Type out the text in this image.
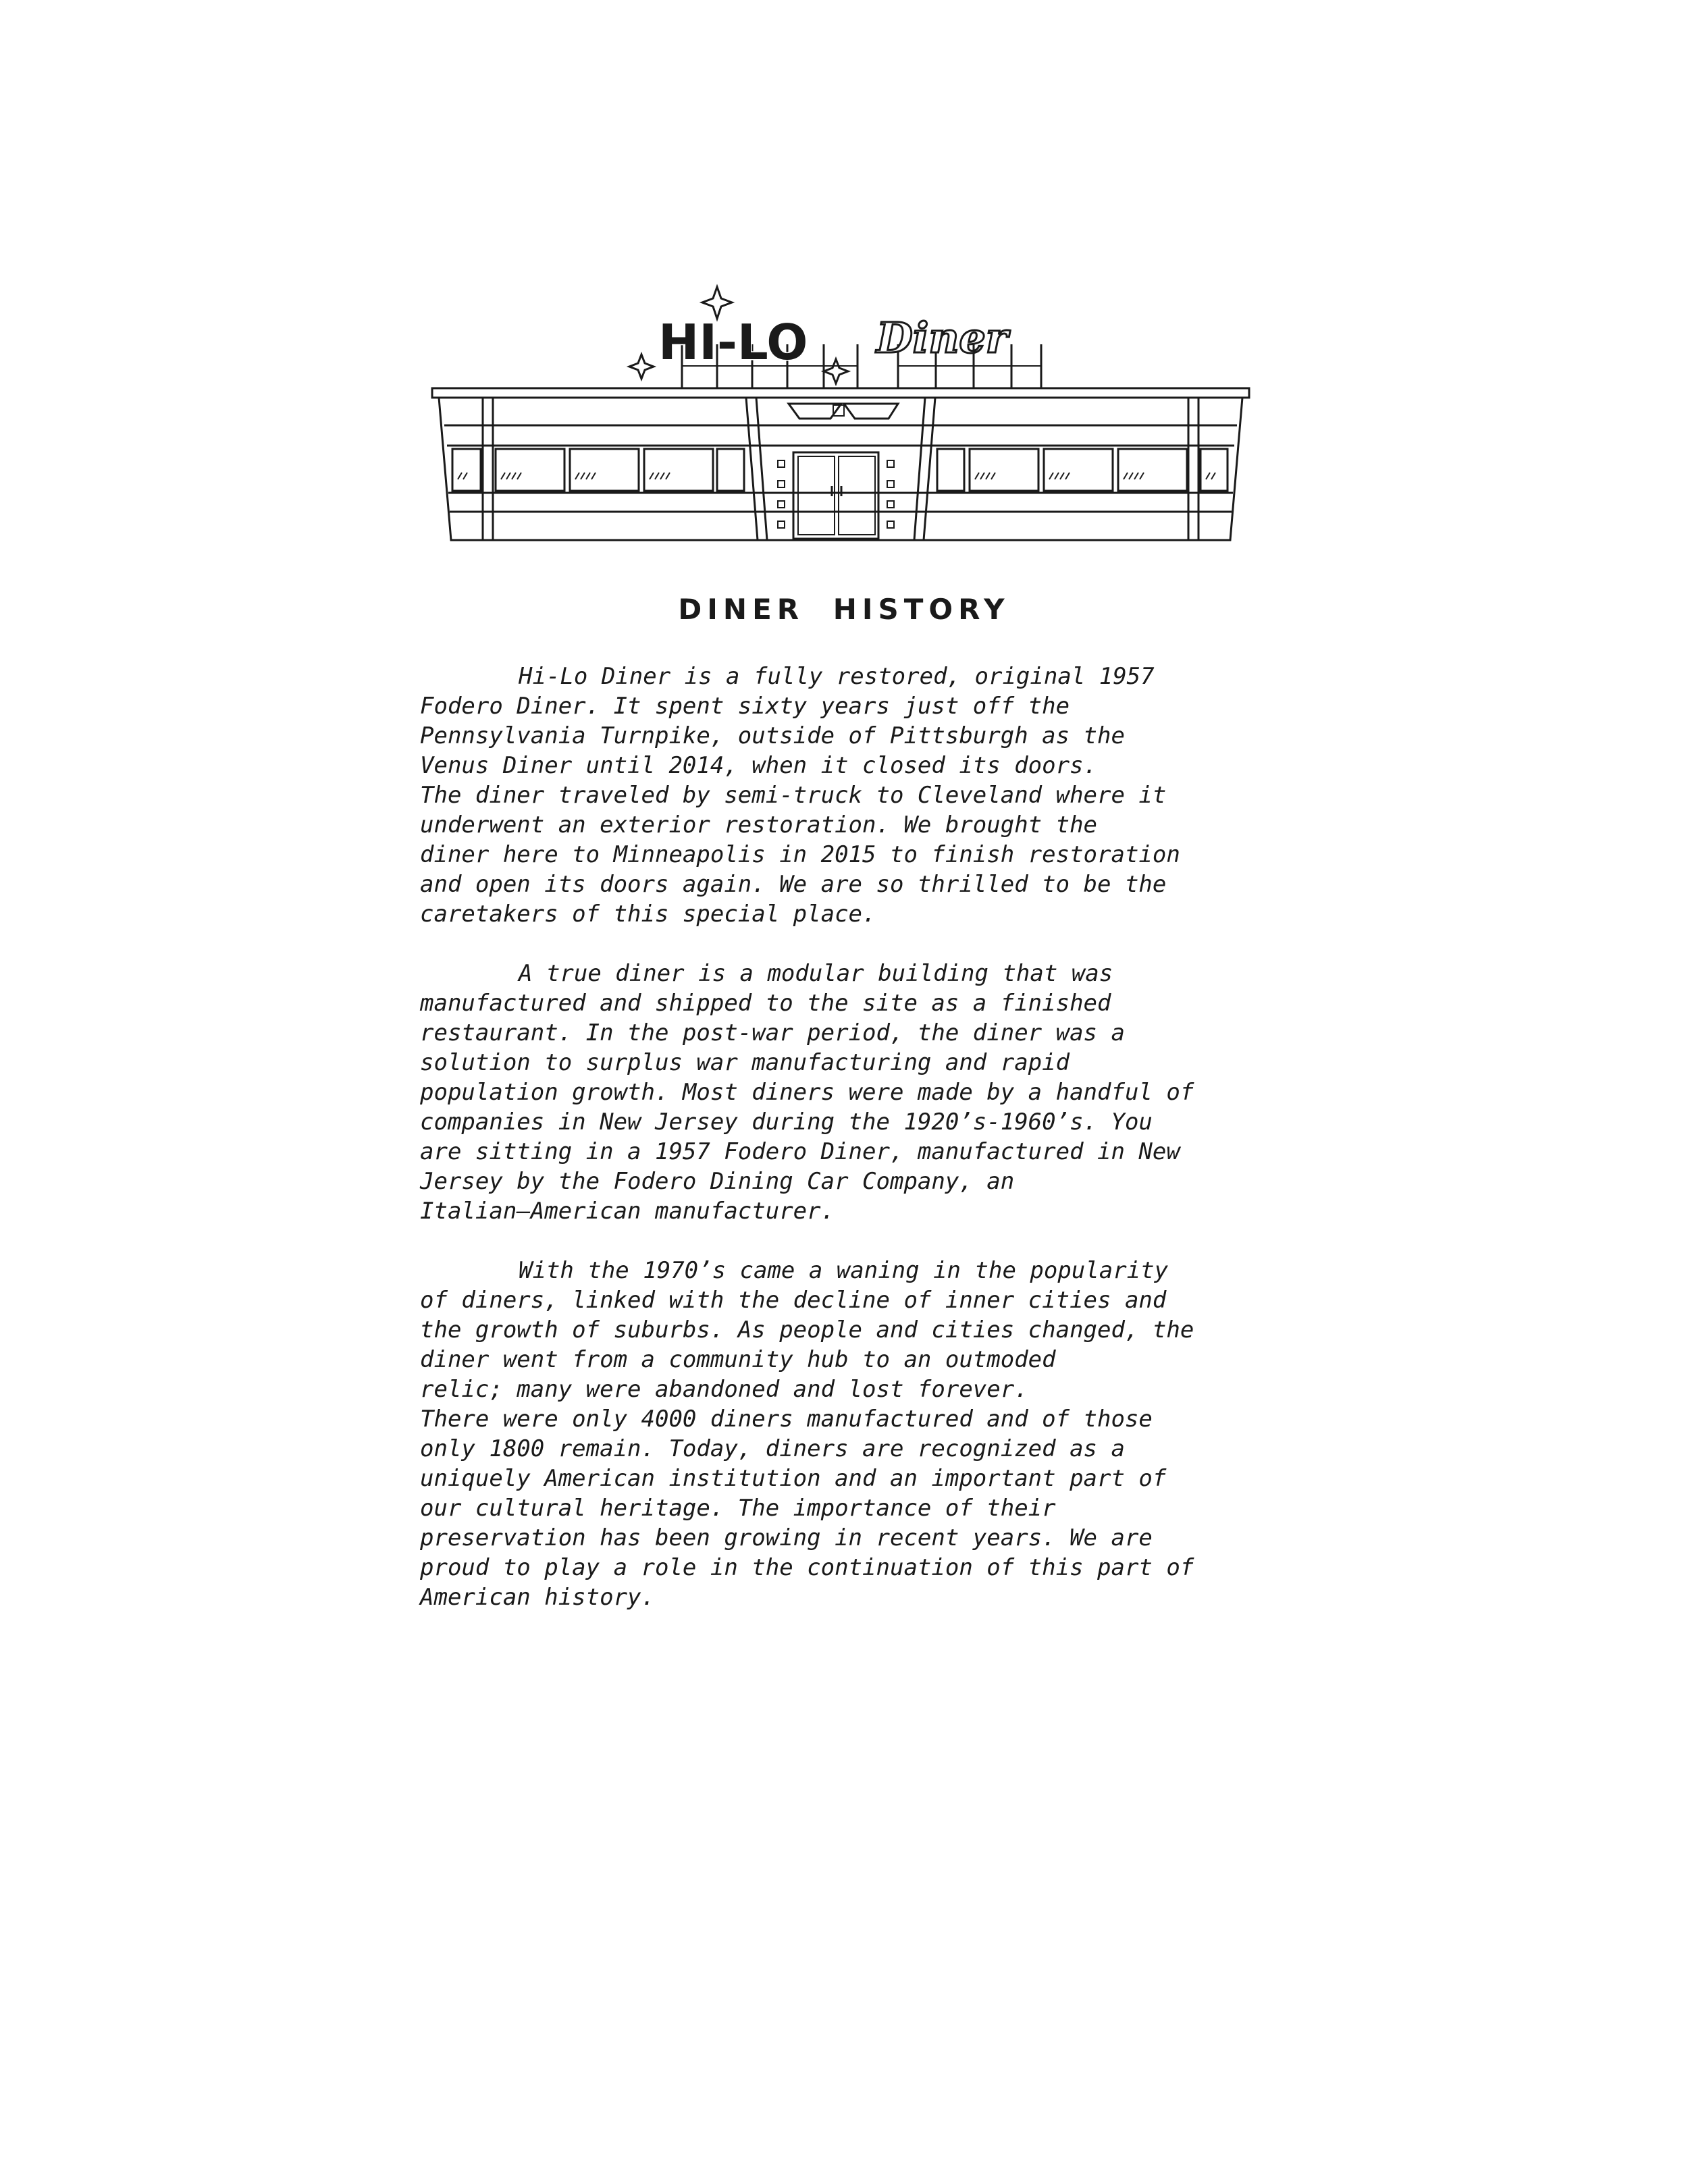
HI-LO Diner
DINER HISTORY

Hi-Lo Diner is a fully restored, original 1957
Fodero Diner. It spent sixty years just off the
Pennsylvania Turnpike, outside of Pittsburgh as the
Venus Diner until 2014, when it closed its doors.
The diner traveled by semi-truck to Cleveland where it
underwent an exterior restoration. We brought the
diner here to Minneapolis in 2015 to finish restoration
and open its doors again. We are so thrilled to be the
caretakers of this special place.

A true diner is a modular building that was
manufactured and shipped to the site as a finished
restaurant. In the post-war period, the diner was a
solution to surplus war manufacturing and rapid
population growth. Most diners were made by a handful of
companies in New Jersey during the 1920’s-1960’s. You
are sitting in a 1957 Fodero Diner, manufactured in New
Jersey by the Fodero Dining Car Company, an
Italian—American manufacturer.

With the 1970’s came a waning in the popularity
of diners, linked with the decline of inner cities and
the growth of suburbs. As people and cities changed, the
diner went from a community hub to an outmoded
relic; many were abandoned and lost forever.
There were only 4000 diners manufactured and of those
only 1800 remain. Today, diners are recognized as a
uniquely American institution and an important part of
our cultural heritage. The importance of their
preservation has been growing in recent years. We are
proud to play a role in the continuation of this part of
American history.
